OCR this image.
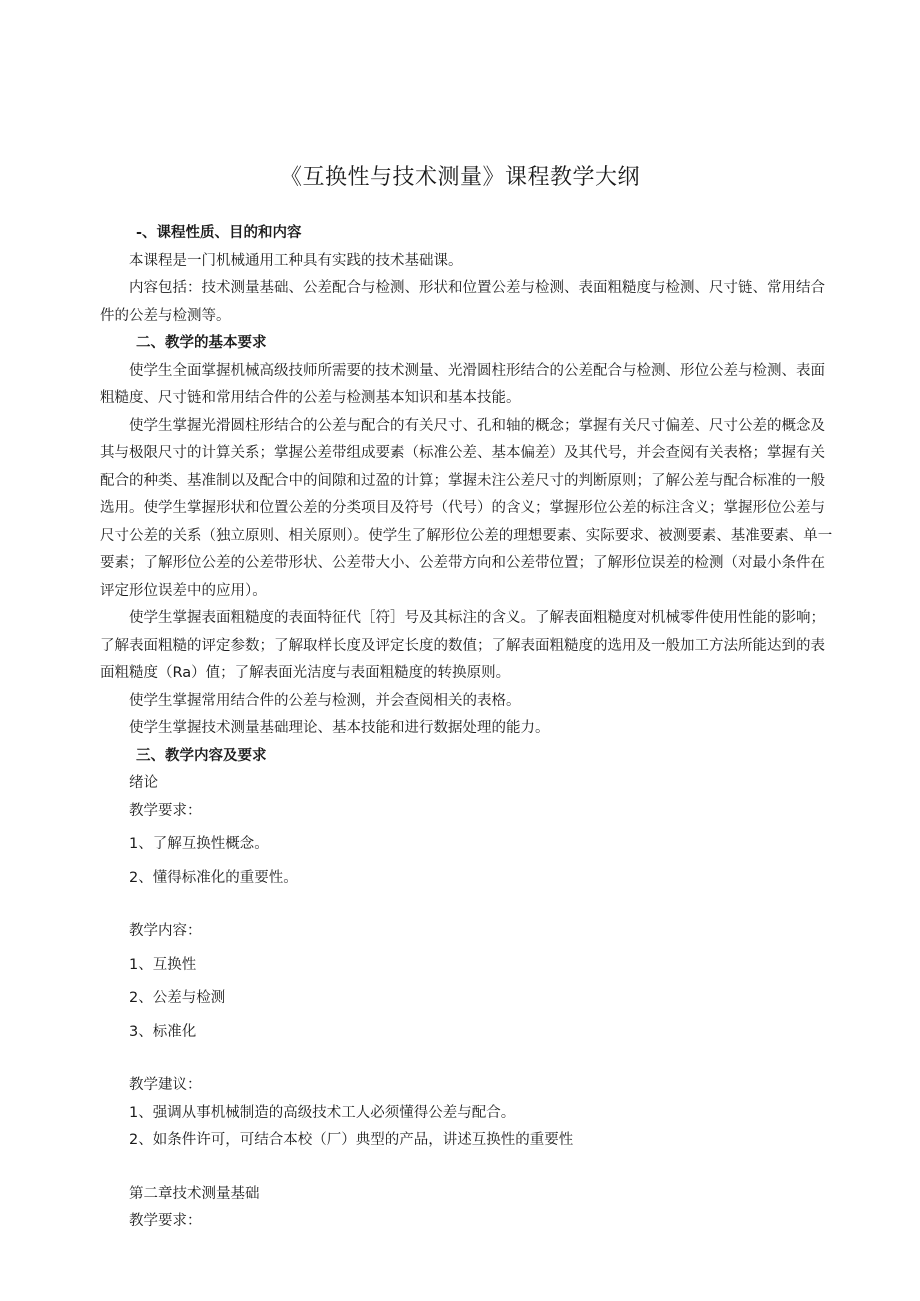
《互换性与技术测量》课程教学大纲

-、课程性质、目的和内容

本课程是一门机械通用工种具有实践的技术基础课。

内容包括：技术测量基础、公差配合与检测、形状和位置公差与检测、表面粗糙度与检测、尺寸链、常用结合件的公差与检测等。

二、教学的基本要求

使学生全面掌握机械高级技师所需要的技术测量、光滑圆柱形结合的公差配合与检测、形位公差与检测、表面粗糙度、尺寸链和常用结合件的公差与检测基本知识和基本技能。

使学生掌握光滑圆柱形结合的公差与配合的有关尺寸、孔和轴的概念；掌握有关尺寸偏差、尺寸公差的概念及其与极限尺寸的计算关系；掌握公差带组成要素（标准公差、基本偏差）及其代号，并会查阅有关表格；掌握有关配合的种类、基准制以及配合中的间隙和过盈的计算；掌握未注公差尺寸的判断原则；了解公差与配合标准的一般选用。使学生掌握形状和位置公差的分类项目及符号（代号）的含义；掌握形位公差的标注含义；掌握形位公差与尺寸公差的关系（独立原则、相关原则）。使学生了解形位公差的理想要素、实际要求、被测要素、基准要素、单一要素；了解形位公差的公差带形状、公差带大小、公差带方向和公差带位置；了解形位误差的检测（对最小条件在评定形位误差中的应用）。

使学生掌握表面粗糙度的表面特征代［符］号及其标注的含义。了解表面粗糙度对机械零件使用性能的影响；了解表面粗糙的评定参数；了解取样长度及评定长度的数值；了解表面粗糙度的选用及一般加工方法所能达到的表面粗糙度（Ra）值；了解表面光洁度与表面粗糙度的转换原则。

使学生掌握常用结合件的公差与检测，并会查阅相关的表格。

使学生掌握技术测量基础理论、基本技能和进行数据处理的能力。

三、教学内容及要求

绪论

教学要求：

1、了解互换性概念。

2、懂得标准化的重要性。

教学内容：

1、互换性

2、公差与检测

3、标准化

教学建议：

1、强调从事机械制造的高级技术工人必须懂得公差与配合。

2、如条件许可，可结合本校（厂）典型的产品，讲述互换性的重要性

第二章技术测量基础

教学要求：
